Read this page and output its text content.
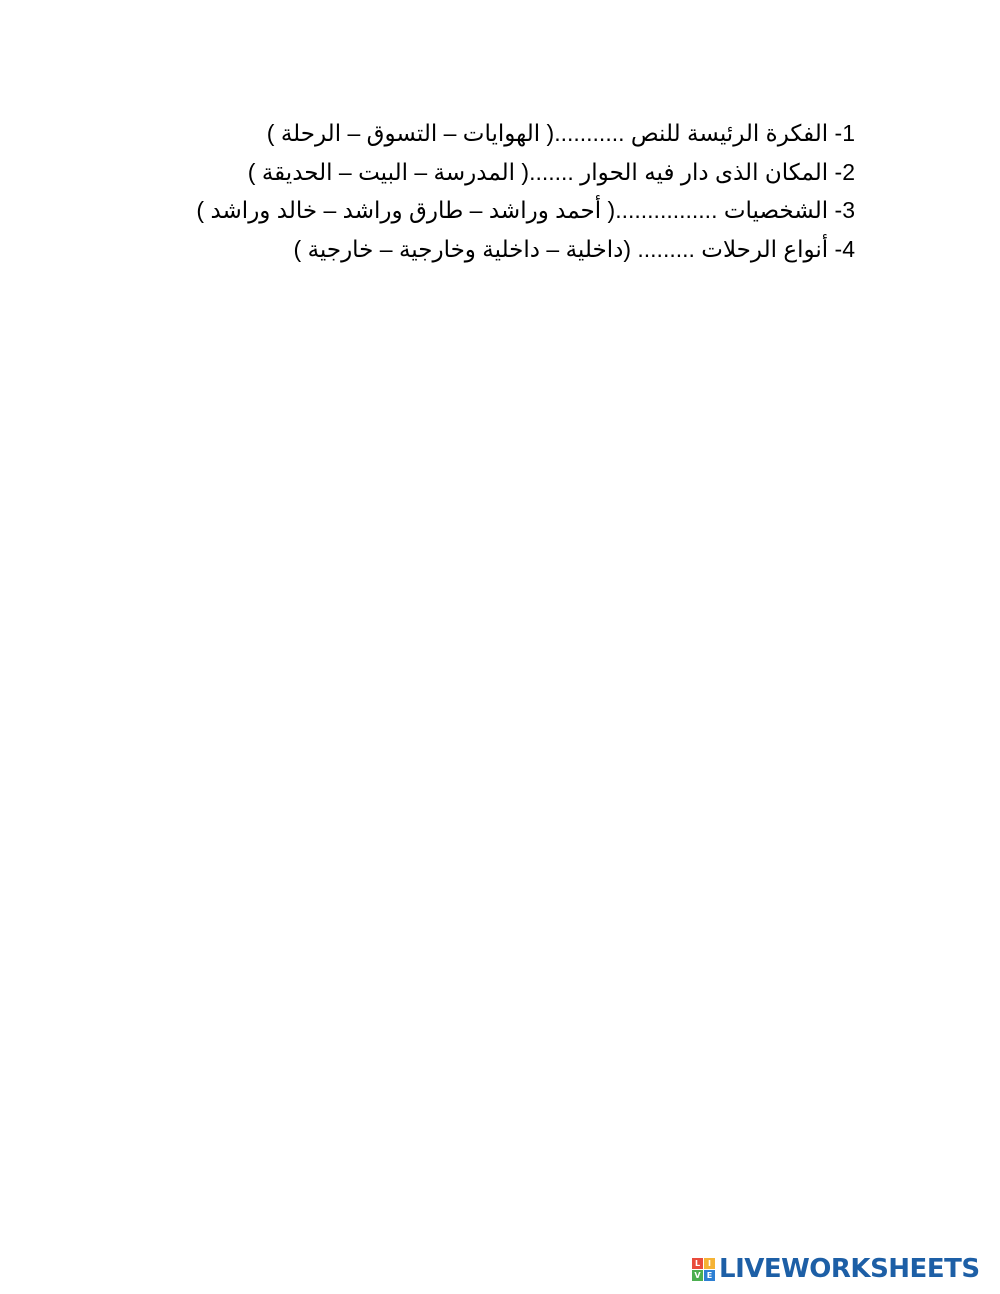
1- الفكرة الرئيسة للنص ...........( الهوايات – التسوق – الرحلة )
2- المكان الذى دار فيه الحوار .......( المدرسة – البيت – الحديقة )
3- الشخصيات ................( أحمد وراشد – طارق وراشد – خالد وراشد )
4- أنواع الرحلات ......... (داخلية – داخلية وخارجية – خارجية )
L I
V E LIVEWORKSHEETS
